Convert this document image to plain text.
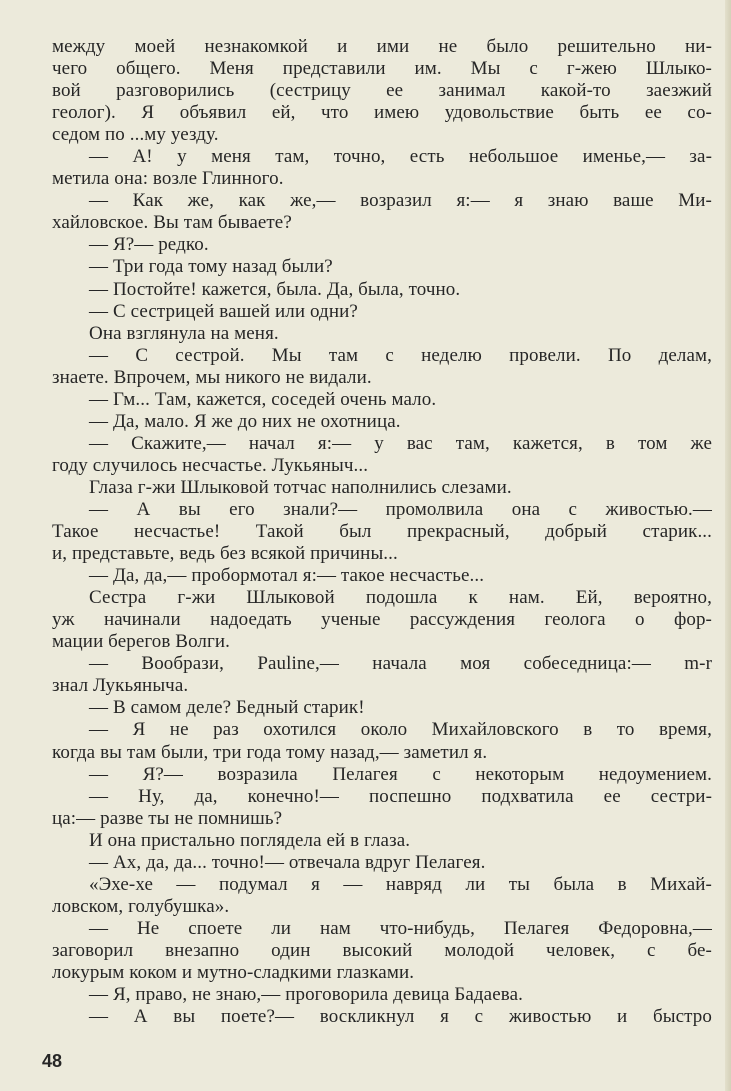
между моей незнакомкой и ими не было решительно ни-
чего общего. Меня представили им. Мы с г-жею Шлыко-
вой разговорились (сестрицу ее занимал какой-то заезжий
геолог). Я объявил ей, что имею удовольствие быть ее со-
седом по ...му уезду.
— А! у меня там, точно, есть небольшое именье,— за-
метила она: возле Глинного.
— Как же, как же,— возразил я:— я знаю ваше Ми-
хайловское. Вы там бываете?
— Я?— редко.
— Три года тому назад были?
— Постойте! кажется, была. Да, была, точно.
— С сестрицей вашей или одни?
Она взглянула на меня.
— С сестрой. Мы там с неделю провели. По делам,
знаете. Впрочем, мы никого не видали.
— Гм... Там, кажется, соседей очень мало.
— Да, мало. Я же до них не охотница.
— Скажите,— начал я:— у вас там, кажется, в том же
году случилось несчастье. Лукьяныч...
Глаза г-жи Шлыковой тотчас наполнились слезами.
— А вы его знали?— промолвила она с живостью.—
Такое несчастье! Такой был прекрасный, добрый старик...
и, представьте, ведь без всякой причины...
— Да, да,— пробормотал я:— такое несчастье...
Сестра г-жи Шлыковой подошла к нам. Ей, вероятно,
уж начинали надоедать ученые рассуждения геолога о фор-
мации берегов Волги.
— Вообрази, Pauline,— начала моя собеседница:— m-r
знал Лукьяныча.
— В самом деле? Бедный старик!
— Я не раз охотился около Михайловского в то время,
когда вы там были, три года тому назад,— заметил я.
— Я?— возразила Пелагея с некоторым недоумением.
— Ну, да, конечно!— поспешно подхватила ее сестри-
ца:— разве ты не помнишь?
И она пристально поглядела ей в глаза.
— Ах, да, да... точно!— отвечала вдруг Пелагея.
«Эхе-хе — подумал я — навряд ли ты была в Михай-
ловском, голубушка».
— Не споете ли нам что-нибудь, Пелагея Федоровна,—
заговорил внезапно один высокий молодой человек, с бе-
локурым коком и мутно-сладкими глазками.
— Я, право, не знаю,— проговорила девица Бадаева.
— А вы поете?— воскликнул я с живостью и быстро
48
